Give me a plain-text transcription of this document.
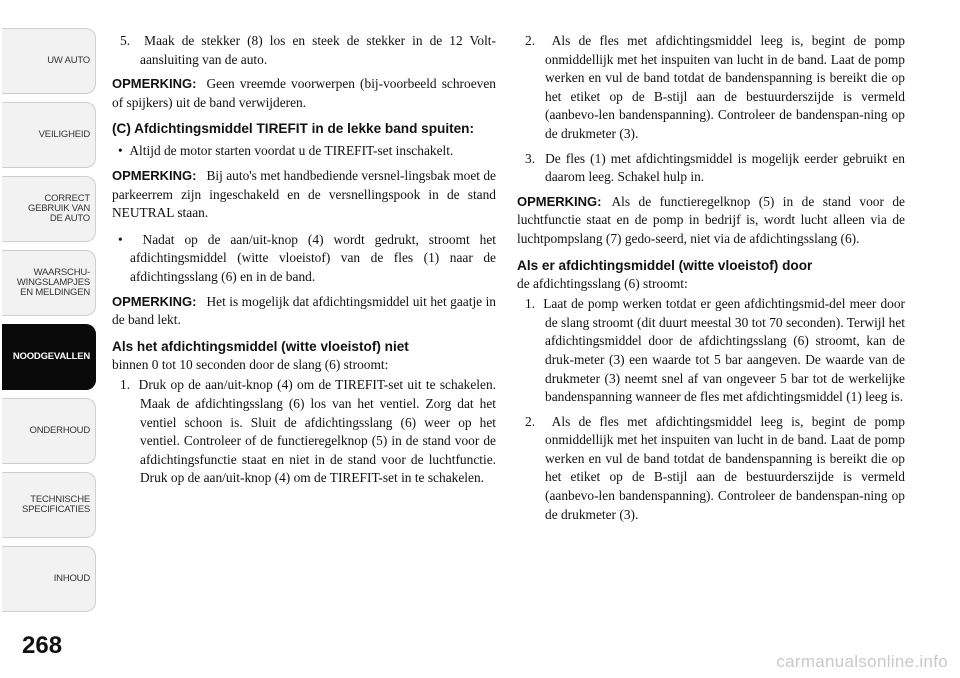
UW AUTO
VEILIGHEID
CORRECT
GEBRUIK VAN
DE AUTO
WAARSCHU-
WINGSLAMPJES
EN MELDINGEN
NOODGEVALLEN
ONDERHOUD
TECHNISCHE
SPECIFICATIES
INHOUD
268
carmanualsonline.info

5. Maak de stekker (8) los en steek de stekker in de 12 Volt-aansluiting van de auto.

OPMERKING: Geen vreemde voorwerpen (bij-voorbeeld schroeven of spijkers) uit de band verwijderen.

(C) Afdichtingsmiddel TIREFIT in de lekke band spuiten:

•  Altijd de motor starten voordat u de TIREFIT-set inschakelt.

OPMERKING: Bij auto's met handbediende versnel-lingsbak moet de parkeerrem zijn ingeschakeld en de versnellingspook in de stand NEUTRAL staan.

•  Nadat op de aan/uit-knop (4) wordt gedrukt, stroomt het afdichtingsmiddel (witte vloeistof) van de fles (1) naar de afdichtingsslang (6) en in de band.

OPMERKING: Het is mogelijk dat afdichtingsmiddel uit het gaatje in de band lekt.

Als het afdichtingsmiddel (witte vloeistof) niet

binnen 0 tot 10 seconden door de slang (6) stroomt:

1. Druk op de aan/uit-knop (4) om de TIREFIT-set uit te schakelen. Maak de afdichtingsslang (6) los van het ventiel. Zorg dat het ventiel schoon is. Sluit de afdichtingsslang (6) weer op het ventiel. Controleer of de functieregelknop (5) in de stand voor de afdichtingsfunctie staat en niet in de stand voor de luchtfunctie. Druk op de aan/uit-knop (4) om de TIREFIT-set in te schakelen.

2. Als de fles met afdichtingsmiddel leeg is, begint de pomp onmiddellijk met het inspuiten van lucht in de band. Laat de pomp werken en vul de band totdat de bandenspanning is bereikt die op het etiket op de B-stijl aan de bestuurderszijde is vermeld (aanbevo-len bandenspanning). Controleer de bandenspan-ning op de drukmeter (3).

3. De fles (1) met afdichtingsmiddel is mogelijk eerder gebruikt en daarom leeg. Schakel hulp in.

OPMERKING: Als de functieregelknop (5) in de stand voor de luchtfunctie staat en de pomp in bedrijf is, wordt lucht alleen via de luchtpompslang (7) gedo-seerd, niet via de afdichtingsslang (6).

Als er afdichtingsmiddel (witte vloeistof) door

de afdichtingsslang (6) stroomt:

1. Laat de pomp werken totdat er geen afdichtingsmid-del meer door de slang stroomt (dit duurt meestal 30 tot 70 seconden). Terwijl het afdichtingsmiddel door de afdichtingsslang (6) stroomt, kan de druk-meter (3) een waarde tot 5 bar aangeven. De waarde van de drukmeter (3) neemt snel af van ongeveer 5 bar tot de werkelijke bandenspanning wanneer de fles met afdichtingsmiddel (1) leeg is.

2. Als de fles met afdichtingsmiddel leeg is, begint de pomp onmiddellijk met het inspuiten van lucht in de band. Laat de pomp werken en vul de band totdat de bandenspanning is bereikt die op het etiket op de B-stijl aan de bestuurderszijde is vermeld (aanbevo-len bandenspanning). Controleer de bandenspan-ning op de drukmeter (3).
